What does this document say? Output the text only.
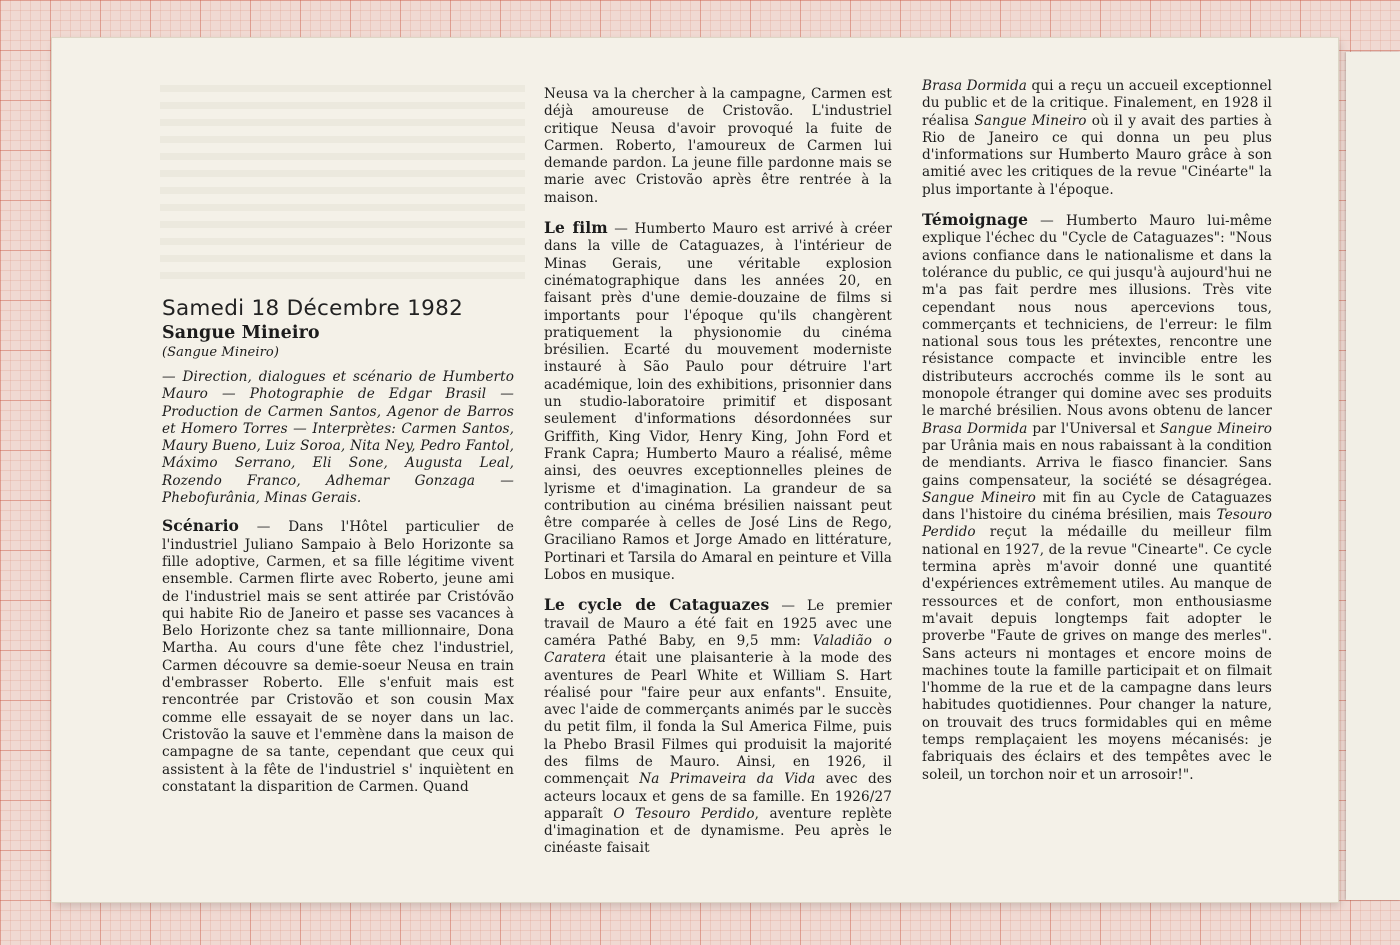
Samedi 18 Décembre 1982

Sangue Mineiro

(Sangue Mineiro)

— Direction, dialogues et scénario de Humberto Mauro — Photographie de Edgar Brasil — Production de Carmen Santos, Agenor de Barros et Homero Torres — Interprètes: Carmen Santos, Maury Bueno, Luiz Soroa, Nita Ney, Pedro Fantol, Máximo Serrano, Eli Sone, Augusta Leal, Rozendo Franco, Adhemar Gonzaga — Phebofurânia, Minas Gerais.

Scénario — Dans l'Hôtel particulier de l'industriel Juliano Sampaio à Belo Horizonte sa fille adoptive, Carmen, et sa fille légitime vivent ensemble. Carmen flirte avec Roberto, jeune ami de l'industriel mais se sent attirée par Cristóvão qui habite Rio de Janeiro et passe ses vacances à Belo Horizonte chez sa tante millionnaire, Dona Martha. Au cours d'une fête chez l'industriel, Carmen découvre sa demie-soeur Neusa en train d'embrasser Roberto. Elle s'enfuit mais est rencontrée par Cristovão et son cousin Max comme elle essayait de se noyer dans un lac. Cristovão la sauve et l'emmène dans la maison de campagne de sa tante, cependant que ceux qui assistent à la fête de l'industriel s' inquiètent en constatant la disparition de Carmen. Quand

Neusa va la chercher à la campagne, Carmen est déjà amoureuse de Cristovão. L'industriel critique Neusa d'avoir provoqué la fuite de Carmen. Roberto, l'amoureux de Carmen lui demande pardon. La jeune fille pardonne mais se marie avec Cristovão après être rentrée à la maison.

Le film — Humberto Mauro est arrivé à créer dans la ville de Cataguazes, à l'intérieur de Minas Gerais, une véritable explosion cinématographique dans les années 20, en faisant près d'une demie-douzaine de films si importants pour l'époque qu'ils changèrent pratiquement la physionomie du cinéma brésilien. Ecarté du mouvement moderniste instauré à São Paulo pour détruire l'art académique, loin des exhibitions, prisonnier dans un studio-laboratoire primitif et disposant seulement d'informations désordonnées sur Griffith, King Vidor, Henry King, John Ford et Frank Capra; Humberto Mauro a réalisé, même ainsi, des oeuvres exceptionnelles pleines de lyrisme et d'imagination. La grandeur de sa contribution au cinéma brésilien naissant peut être comparée à celles de José Lins de Rego, Graciliano Ramos et Jorge Amado en littérature, Portinari et Tarsila do Amaral en peinture et Villa Lobos en musique.

Le cycle de Cataguazes — Le premier travail de Mauro a été fait en 1925 avec une caméra Pathé Baby, en 9,5 mm: Valadião o Caratera était une plaisanterie à la mode des aventures de Pearl White et William S. Hart réalisé pour "faire peur aux enfants". Ensuite, avec l'aide de commerçants animés par le succès du petit film, il fonda la Sul America Filme, puis la Phebo Brasil Filmes qui produisit la majorité des films de Mauro. Ainsi, en 1926, il commençait Na Primaveira da Vida avec des acteurs locaux et gens de sa famille. En 1926/27 apparaît O Tesouro Perdido, aventure replète d'imagination et de dynamisme. Peu après le cinéaste faisait

Brasa Dormida qui a reçu un accueil exceptionnel du public et de la critique. Finalement, en 1928 il réalisa Sangue Mineiro où il y avait des parties à Rio de Janeiro ce qui donna un peu plus d'informations sur Humberto Mauro grâce à son amitié avec les critiques de la revue "Cinéarte" la plus importante à l'époque.

Témoignage — Humberto Mauro lui-même explique l'échec du "Cycle de Cataguazes": "Nous avions confiance dans le nationalisme et dans la tolérance du public, ce qui jusqu'à aujourd'hui ne m'a pas fait perdre mes illusions. Très vite cependant nous nous apercevions tous, commerçants et techniciens, de l'erreur: le film national sous tous les prétextes, rencontre une résistance compacte et invincible entre les distributeurs accrochés comme ils le sont au monopole étranger qui domine avec ses produits le marché brésilien. Nous avons obtenu de lancer Brasa Dormida par l'Universal et Sangue Mineiro par Urânia mais en nous rabaissant à la condition de mendiants. Arriva le fiasco financier. Sans gains compensateur, la société se désagrégea. Sangue Mineiro mit fin au Cycle de Cataguazes dans l'histoire du cinéma brésilien, mais Tesouro Perdido reçut la médaille du meilleur film national en 1927, de la revue "Cinearte". Ce cycle termina après m'avoir donné une quantité d'expériences extrêmement utiles. Au manque de ressources et de confort, mon enthousiasme m'avait depuis longtemps fait adopter le proverbe "Faute de grives on mange des merles". Sans acteurs ni montages et encore moins de machines toute la famille participait et on filmait l'homme de la rue et de la campagne dans leurs habitudes quotidiennes. Pour changer la nature, on trouvait des trucs formidables qui en même temps remplaçaient les moyens mécanisés: je fabriquais des éclairs et des tempêtes avec le soleil, un torchon noir et un arrosoir!".
